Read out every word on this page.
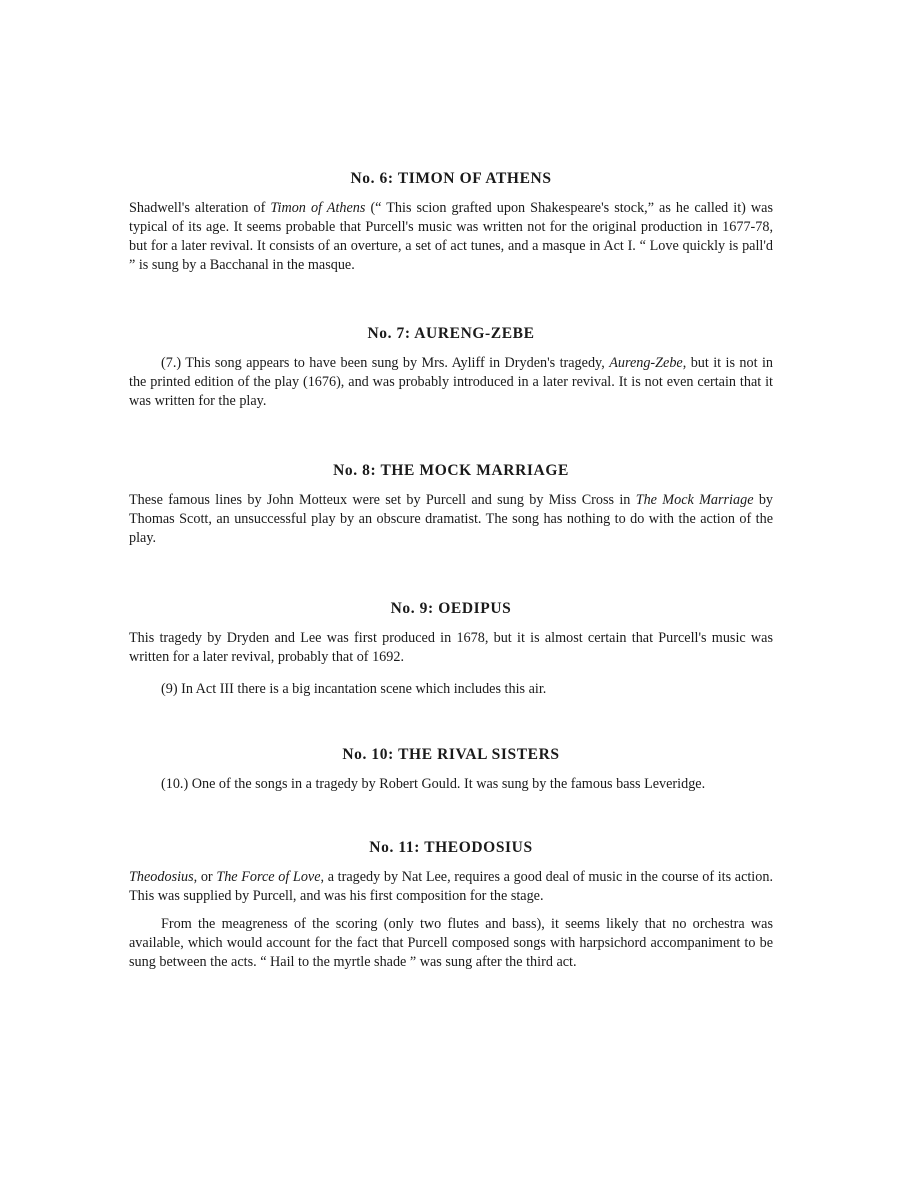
No. 6: TIMON OF ATHENS

Shadwell's alteration of Timon of Athens (“ This scion grafted upon Shakespeare's stock,” as he called it) was typical of its age. It seems probable that Purcell's music was written not for the original production in 1677-78, but for a later revival. It consists of an overture, a set of act tunes, and a masque in Act I. “ Love quickly is pall'd ” is sung by a Bacchanal in the masque.

No. 7: AURENG-ZEBE

(7.) This song appears to have been sung by Mrs. Ayliff in Dryden's tragedy, Aureng-Zebe, but it is not in the printed edition of the play (1676), and was probably introduced in a later revival. It is not even certain that it was written for the play.

No. 8: THE MOCK MARRIAGE

These famous lines by John Motteux were set by Purcell and sung by Miss Cross in The Mock Marriage by Thomas Scott, an unsuccessful play by an obscure dramatist. The song has nothing to do with the action of the play.

No. 9: OEDIPUS

This tragedy by Dryden and Lee was first produced in 1678, but it is almost certain that Purcell's music was written for a later revival, probably that of 1692.

(9) In Act III there is a big incantation scene which includes this air.

No. 10: THE RIVAL SISTERS

(10.) One of the songs in a tragedy by Robert Gould. It was sung by the famous bass Leveridge.

No. 11: THEODOSIUS

Theodosius, or The Force of Love, a tragedy by Nat Lee, requires a good deal of music in the course of its action. This was supplied by Purcell, and was his first composition for the stage.

From the meagreness of the scoring (only two flutes and bass), it seems likely that no orchestra was available, which would account for the fact that Purcell composed songs with harpsichord accompaniment to be sung between the acts. “ Hail to the myrtle shade ” was sung after the third act.
